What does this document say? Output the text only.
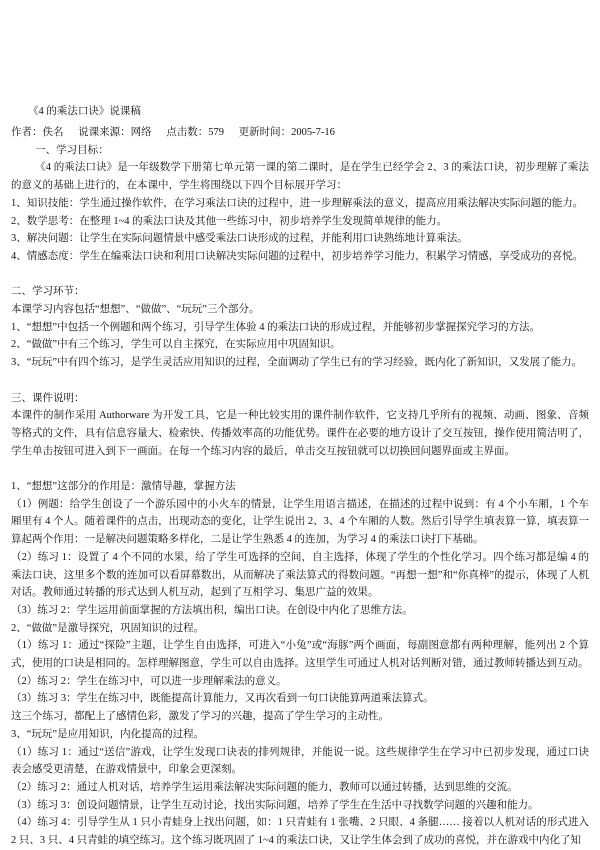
《4 的乘法口诀》说课稿

作者：佚名 说课来源：网络 点击数：579 更新时间：2005-7-16

一、学习目标：

《4 的乘法口诀》是一年级数学下册第七单元第一课的第二课时，是在学生已经学会 2、3 的乘法口诀，初步理解了乘法的意义的基础上进行的，在本课中，学生将围绕以下四个目标展开学习：

1、知识技能：学生通过操作软件，在学习乘法口诀的过程中，进一步理解乘法的意义，提高应用乘法解决实际问题的能力。

2、数学思考：在整理 1~4 的乘法口诀及其他一些练习中，初步培养学生发现简单规律的能力。

3、解决问题：让学生在实际问题情景中感受乘法口诀形成的过程，并能利用口诀熟练地计算乘法。

4、情感态度：学生在编乘法口诀和利用口诀解决实际问题的过程中，初步培养学习能力，积累学习情感，享受成功的喜悦。

二、学习环节：

本课学习内容包括“想想”、“做做”、“玩玩”三个部分。

1、“想想”中包括一个例题和两个练习，引导学生体验 4 的乘法口诀的形成过程，并能够初步掌握探究学习的方法。

2、“做做”中有三个练习，学生可以自主探究，在实际应用中巩固知识。

3、“玩玩”中有四个练习，是学生灵活应用知识的过程，全面调动了学生已有的学习经验，既内化了新知识，又发展了能力。

三、课件说明：

本课件的制作采用 Authorware 为开发工具，它是一种比较实用的课件制作软件，它支持几乎所有的视频、动画、图象、音频等格式的文件，具有信息容量大、检索快、传播效率高的功能优势。课件在必要的地方设计了交互按钮，操作使用简洁明了，学生单击按钮可进入到下一画面。在每一个练习内容的最后，单击交互按钮就可以切换回问题界面或主界面。

1、“想想”这部分的作用是：激情导趣，掌握方法

（1）例题：给学生创设了一个游乐园中的小火车的情景，让学生用语言描述，在描述的过程中说到：有 4 个小车厢，1 个车厢里有 4 个人。随着课件的点击，出现动态的变化，让学生说出 2、3、4 个车厢的人数。然后引导学生填表算一算，填表算一算起两个作用：一是解决问题策略多样化，二是让学生熟悉 4 的连加，为学习 4 的乘法口诀打下基础。

（2）练习 1：设置了 4 个不同的水果，给了学生可选择的空间，自主选择，体现了学生的个性化学习。四个练习都是编 4 的乘法口诀，这里多个数的连加可以看屏幕数出，从而解决了乘法算式的得数问题。“再想一想”和“你真棒”的提示，体现了人机对话。教师通过转播的形式达到人机互动，起到了互相学习、集思广益的效果。

（3）练习 2：学生运用前面掌握的方法填出积，编出口诀。在创设中内化了思维方法。

2、“做做”是激导探究，巩固知识的过程。

（1）练习 1：通过“探险”主题，让学生自由选择，可进入“小兔”或“海豚”两个画面，每副图意都有两种理解，能列出 2 个算式，使用的口诀是相同的。怎样理解图意，学生可以自由选择。这里学生可通过人机对话判断对错，通过教师转播达到互动。

（2）练习 2：学生在练习中，可以进一步理解乘法的意义。

（3）练习 3：学生在练习中，既能提高计算能力，又再次看到一句口诀能算两道乘法算式。

这三个练习，都配上了感情色彩，激发了学习的兴趣，提高了学生学习的主动性。

3、“玩玩”是应用知识，内化提高的过程。

（1）练习 1：通过“送信”游戏，让学生发现口诀表的排列规律，并能说一说。这些规律学生在学习中已初步发现，通过口诀表会感受更清楚，在游戏情景中，印象会更深刻。

（2）练习 2：通过人机对话，培养学生运用乘法解决实际问题的能力，教师可以通过转播，达到思维的交流。

（3）练习 3：创设问题情景，让学生互动讨论，找出实际问题，培养了学生在生活中寻找数学问题的兴趣和能力。

（4）练习 4：引导学生从 1 只小青蛙身上找出问题，如：1 只青蛙有 1 张嘴、2 只眼、4 条腿…… 接着以人机对话的形式进入 2 只、3 只、4 只青蛙的填空练习。这个练习既巩固了 1~4 的乘法口诀，又让学生体会到了成功的喜悦，并在游戏中内化了知
